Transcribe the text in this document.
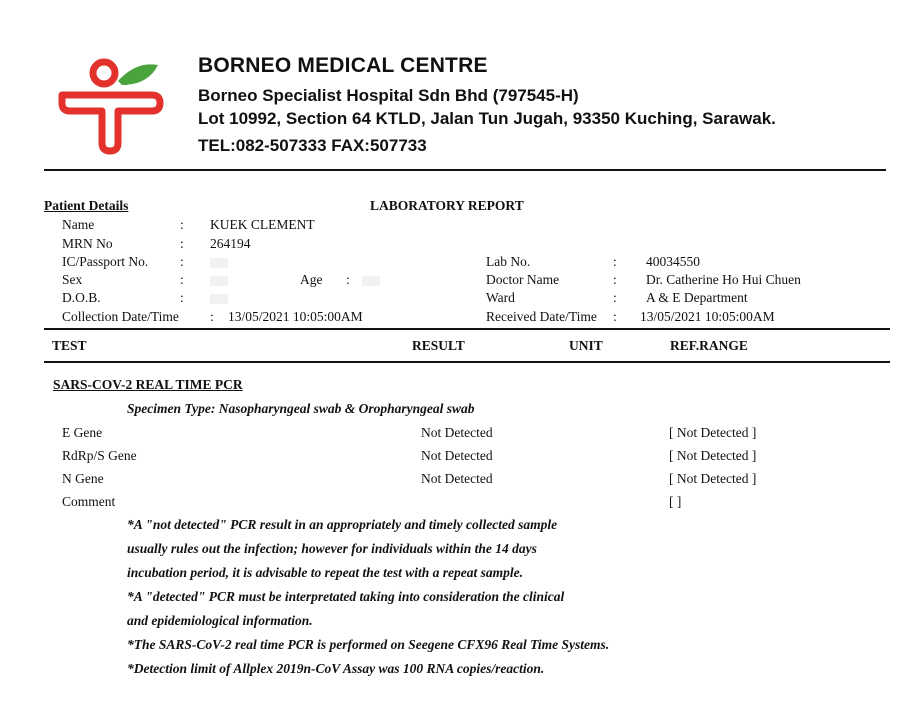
BORNEO MEDICAL CENTRE
Borneo Specialist Hospital Sdn Bhd (797545-H)
Lot 10992, Section 64 KTLD, Jalan Tun Jugah, 93350 Kuching, Sarawak.
TEL:082-507333 FAX:507733
Patient Details	LABORATORY REPORT
Name	: KUEK CLEMENT
MRN No	: 264194
IC/Passport No. :
Sex	:	Age :
D.O.B.	:
Collection Date/Time : 13/05/2021 10:05:00AM
Lab No.	: 40034550
Doctor Name	: Dr. Catherine Ho Hui Chuen
Ward	: A & E Department
Received Date/Time : 13/05/2021 10:05:00AM
TEST	RESULT	UNIT	REF.RANGE
SARS-COV-2 REAL TIME PCR
Specimen Type: Nasopharyngeal swab & Oropharyngeal swab
E Gene	Not Detected	[ Not Detected ]
RdRp/S Gene	Not Detected	[ Not Detected ]
N Gene	Not Detected	[ Not Detected ]
Comment	[ ]
*A "not detected" PCR result in an appropriately and timely collected sample
usually rules out the infection; however for individuals within the 14 days
incubation period, it is advisable to repeat the test with a repeat sample.
*A "detected" PCR must be interpretated taking into consideration the clinical
and epidemiological information.
*The SARS-CoV-2 real time PCR is performed on Seegene CFX96 Real Time Systems.
*Detection limit of Allplex 2019n-CoV Assay was 100 RNA copies/reaction.
